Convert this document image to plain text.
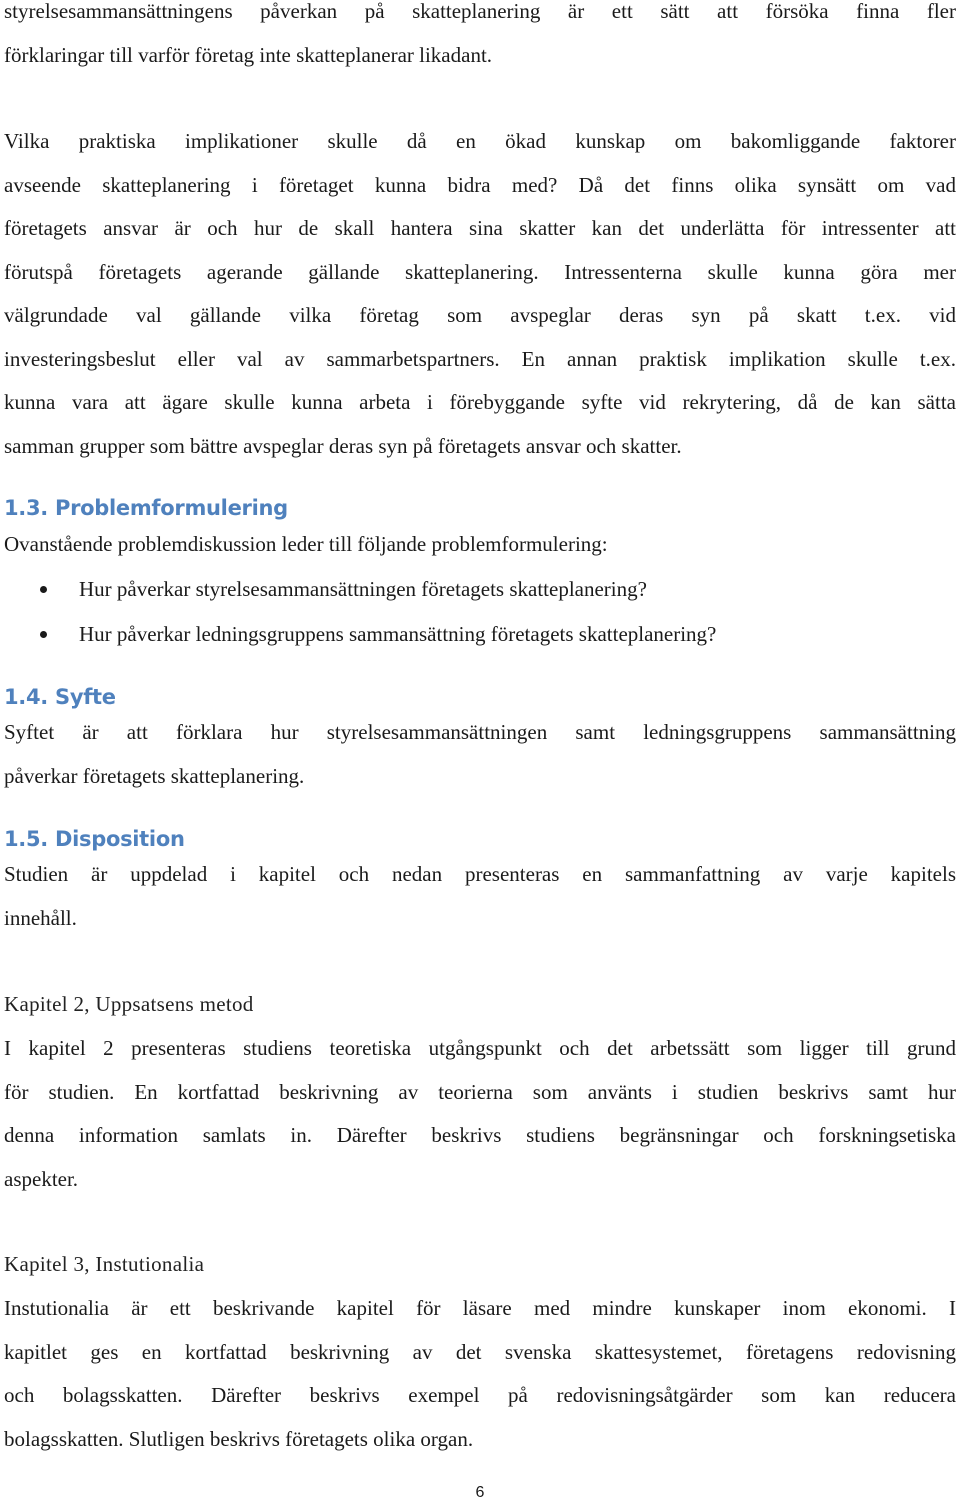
styrelsesammansättningens påverkan på skatteplanering är ett sätt att försöka finna fler
förklaringar till varför företag inte skatteplanerar likadant.
Vilka praktiska implikationer skulle då en ökad kunskap om bakomliggande faktorer
avseende skatteplanering i företaget kunna bidra med? Då det finns olika synsätt om vad
företagets ansvar är och hur de skall hantera sina skatter kan det underlätta för intressenter att
förutspå företagets agerande gällande skatteplanering. Intressenterna skulle kunna göra mer
välgrundade val gällande vilka företag som avspeglar deras syn på skatt t.ex. vid
investeringsbeslut eller val av sammarbetspartners. En annan praktisk implikation skulle t.ex.
kunna vara att ägare skulle kunna arbeta i förebyggande syfte vid rekrytering, då de kan sätta
samman grupper som bättre avspeglar deras syn på företagets ansvar och skatter.
1.3. Problemformulering
Ovanstående problemdiskussion leder till följande problemformulering:
Hur påverkar styrelsesammansättningen företagets skatteplanering?
Hur påverkar ledningsgruppens sammansättning företagets skatteplanering?
1.4. Syfte
Syftet är att förklara hur styrelsesammansättningen samt ledningsgruppens sammansättning
påverkar företagets skatteplanering.
1.5. Disposition
Studien är uppdelad i kapitel och nedan presenteras en sammanfattning av varje kapitels
innehåll.
Kapitel 2, Uppsatsens metod
I kapitel 2 presenteras studiens teoretiska utgångspunkt och det arbetssätt som ligger till grund
för studien. En kortfattad beskrivning av teorierna som använts i studien beskrivs samt hur
denna information samlats in. Därefter beskrivs studiens begränsningar och forskningsetiska
aspekter.
Kapitel 3, Instutionalia
Instutionalia är ett beskrivande kapitel för läsare med mindre kunskaper inom ekonomi. I
kapitlet ges en kortfattad beskrivning av det svenska skattesystemet, företagens redovisning
och bolagsskatten. Därefter beskrivs exempel på redovisningsåtgärder som kan reducera
bolagsskatten. Slutligen beskrivs företagets olika organ.
6
